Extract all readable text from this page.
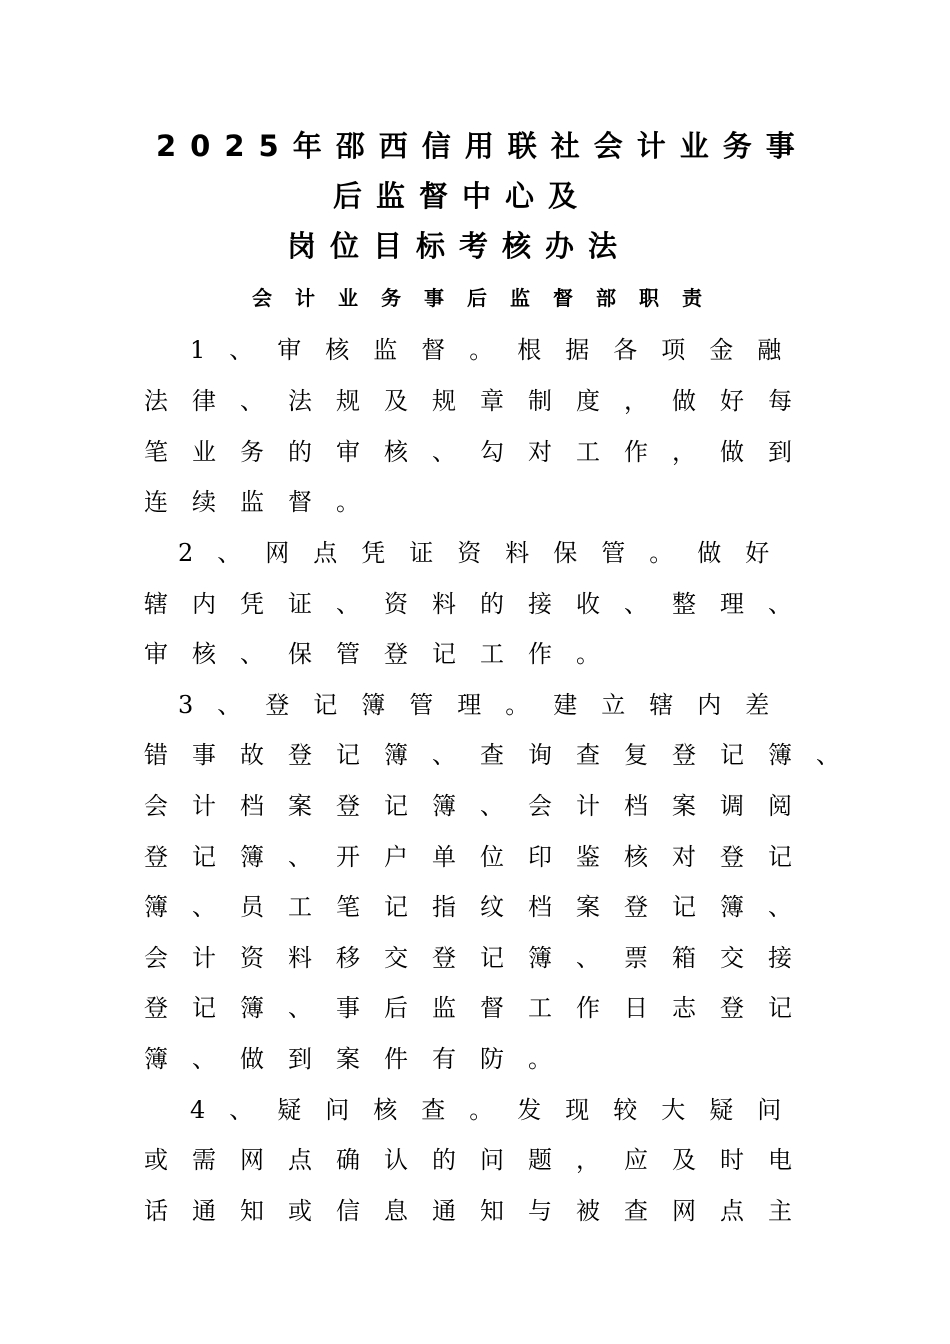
2025年邵西信用联社会计业务事
后监督中心及
岗位目标考核办法
会计业务事后监督部职责
1、审核监督。根据各项金融
法律、法规及规章制度，做好每
笔业务的审核、勾对工作，做到
连续监督。
2、网点凭证资料保管。做好
辖内凭证、资料的接收、整理、
审核、保管登记工作。
3、登记簿管理。建立辖内差
错事故登记簿、查询查复登记簿、
会计档案登记簿、会计档案调阅
登记簿、开户单位印鉴核对登记
簿、员工笔记指纹档案登记簿、
会计资料移交登记簿、票箱交接
登记簿、事后监督工作日志登记
簿、做到案件有防。
4、疑问核查。发现较大疑问
或需网点确认的问题，应及时电
话通知或信息通知与被查网点主
